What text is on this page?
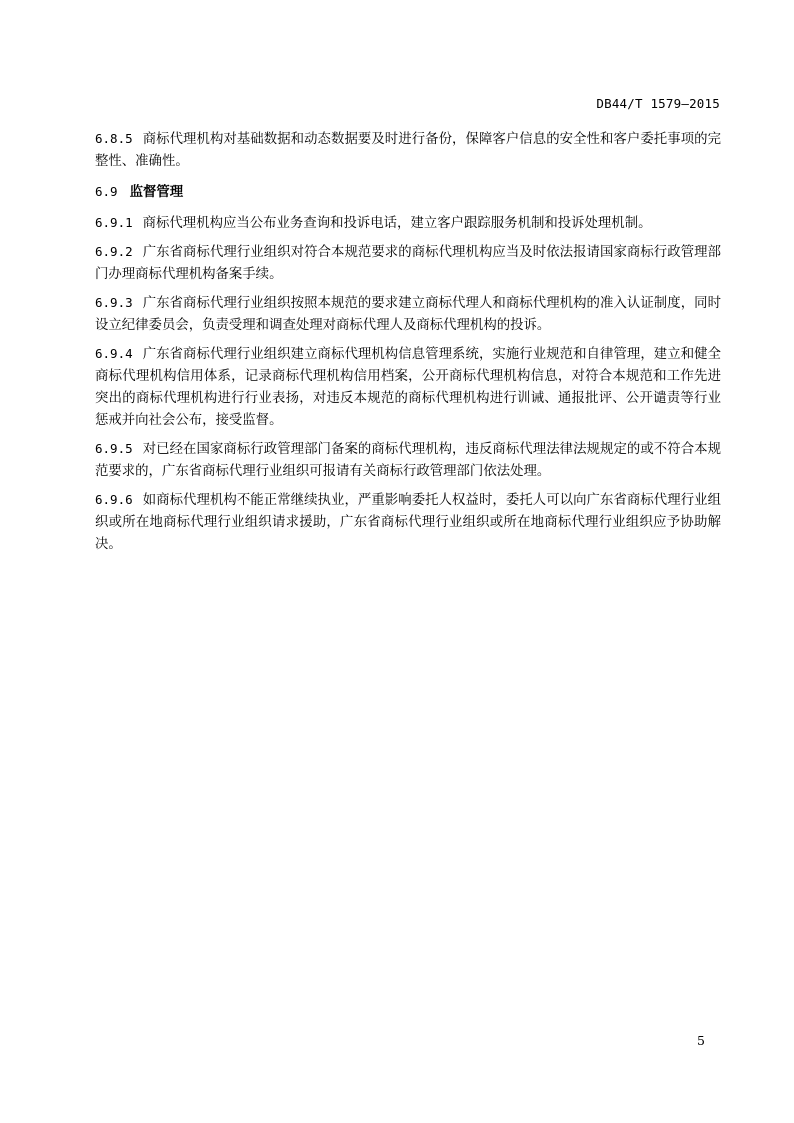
DB44/T 1579—2015

6.8.5 商标代理机构对基础数据和动态数据要及时进行备份，保障客户信息的安全性和客户委托事项的完整性、准确性。

6.9 监督管理

6.9.1 商标代理机构应当公布业务查询和投诉电话，建立客户跟踪服务机制和投诉处理机制。

6.9.2 广东省商标代理行业组织对符合本规范要求的商标代理机构应当及时依法报请国家商标行政管理部门办理商标代理机构备案手续。

6.9.3 广东省商标代理行业组织按照本规范的要求建立商标代理人和商标代理机构的准入认证制度，同时设立纪律委员会，负责受理和调查处理对商标代理人及商标代理机构的投诉。

6.9.4 广东省商标代理行业组织建立商标代理机构信息管理系统，实施行业规范和自律管理，建立和健全商标代理机构信用体系，记录商标代理机构信用档案，公开商标代理机构信息，对符合本规范和工作先进突出的商标代理机构进行行业表扬，对违反本规范的商标代理机构进行训诫、通报批评、公开谴责等行业惩戒并向社会公布，接受监督。

6.9.5 对已经在国家商标行政管理部门备案的商标代理机构，违反商标代理法律法规规定的或不符合本规范要求的，广东省商标代理行业组织可报请有关商标行政管理部门依法处理。

6.9.6 如商标代理机构不能正常继续执业，严重影响委托人权益时，委托人可以向广东省商标代理行业组织或所在地商标代理行业组织请求援助，广东省商标代理行业组织或所在地商标代理行业组织应予协助解决。

5
